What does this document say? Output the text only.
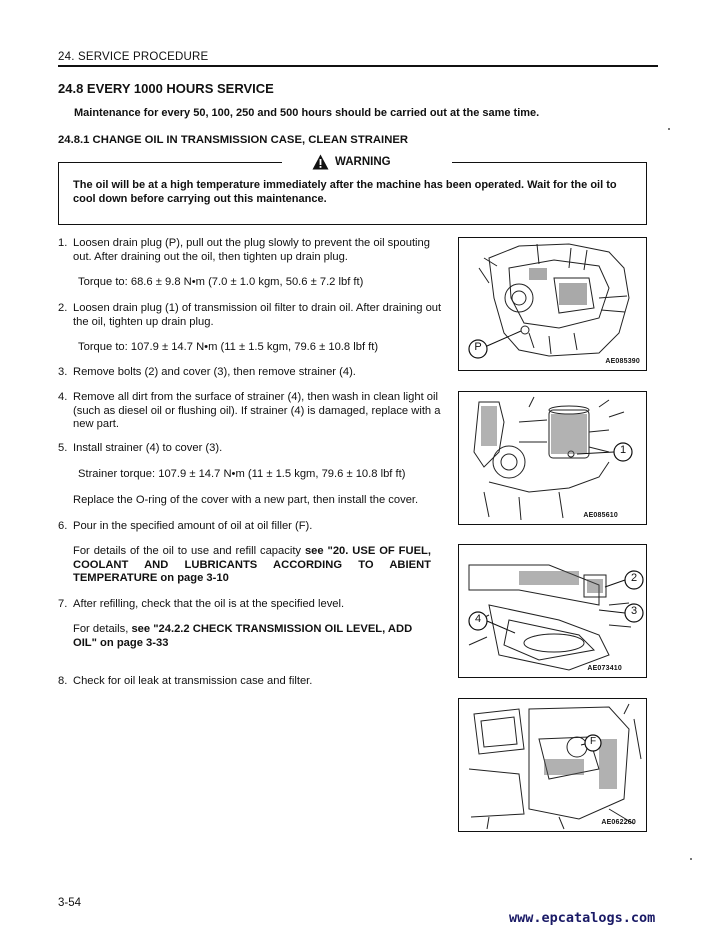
24. SERVICE PROCEDURE
24.8 EVERY 1000 HOURS SERVICE
Maintenance for every 50, 100, 250 and 500 hours should be carried out at the same time.
24.8.1 CHANGE OIL IN TRANSMISSION CASE, CLEAN STRAINER
WARNING
The oil will be at a high temperature immediately after the machine has been operated. Wait for the oil to cool down before carrying out this maintenance.
1. Loosen drain plug (P), pull out the plug slowly to prevent the oil spouting out. After draining out the oil, then tighten up drain plug.
Torque to: 68.6 ± 9.8 N•m (7.0 ± 1.0 kgm, 50.6 ± 7.2 lbf ft)
2. Loosen drain plug (1) of transmission oil filter to drain oil. After draining out the oil, tighten up drain plug.
Torque to: 107.9 ± 14.7 N•m (11 ± 1.5 kgm, 79.6 ± 10.8 lbf ft)
3. Remove bolts (2) and cover (3), then remove strainer (4).
4. Remove all dirt from the surface of strainer (4), then wash in clean light oil (such as diesel oil or flushing oil). If strainer (4) is damaged, replace with a new part.
5. Install strainer (4) to cover (3).
Strainer torque: 107.9 ± 14.7 N•m (11 ± 1.5 kgm, 79.6 ± 10.8 lbf ft)
Replace the O-ring of the cover with a new part, then install the cover.
6. Pour in the specified amount of oil at oil filler (F).
For details of the oil to use and refill capacity see "20. USE OF FUEL, COOLANT AND LUBRICANTS ACCORDING TO ABIENT TEMPERATURE on page 3-10
7. After refilling, check that the oil is at the specified level.
For details, see "24.2.2 CHECK TRANSMISSION OIL LEVEL, ADD OIL" on page 3-33
8. Check for oil leak at transmission case and filter.
P
AE085390
1
AE085610
2
3
4
AE073410
F
AE062260
3-54
www.epcatalogs.com
